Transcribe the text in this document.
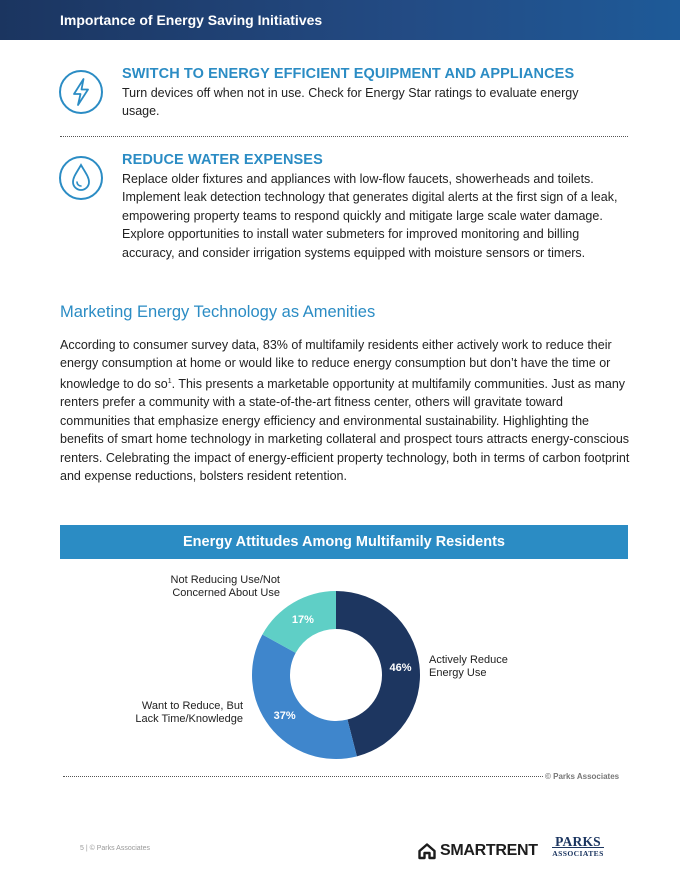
Importance of Energy Saving Initiatives
SWITCH TO ENERGY EFFICIENT EQUIPMENT AND APPLIANCES
Turn devices off when not in use. Check for Energy Star ratings to evaluate energy usage.
REDUCE WATER EXPENSES
Replace older fixtures and appliances with low-flow faucets, showerheads and toilets. Implement leak detection technology that generates digital alerts at the first sign of a leak, empowering property teams to respond quickly and mitigate large scale water damage. Explore opportunities to install water submeters for improved monitoring and billing accuracy, and consider irrigation systems equipped with moisture sensors or timers.
Marketing Energy Technology as Amenities
According to consumer survey data, 83% of multifamily residents either actively work to reduce their energy consumption at home or would like to reduce energy consumption but don’t have the time or knowledge to do $so^1$. This presents a marketable opportunity at multifamily communities. Just as many renters prefer a community with a state-of-the-art fitness center, others will gravitate toward communities that emphasize energy efficiency and environmental sustainability. Highlighting the benefits of smart home technology in marketing collateral and prospect tours attracts energy-conscious renters. Celebrating the impact of energy-efficient property technology, both in terms of carbon footprint and expense reductions, bolsters resident retention.
Energy Attitudes Among Multifamily Residents
46%
37%
17%
Not Reducing Use/Not Concerned About Use
Actively Reduce Energy Use
Want to Reduce, But Lack Time/Knowledge
© Parks Associates
5 | © Parks Associates	SMARTRENT
PARKS
ASSOCIATES
